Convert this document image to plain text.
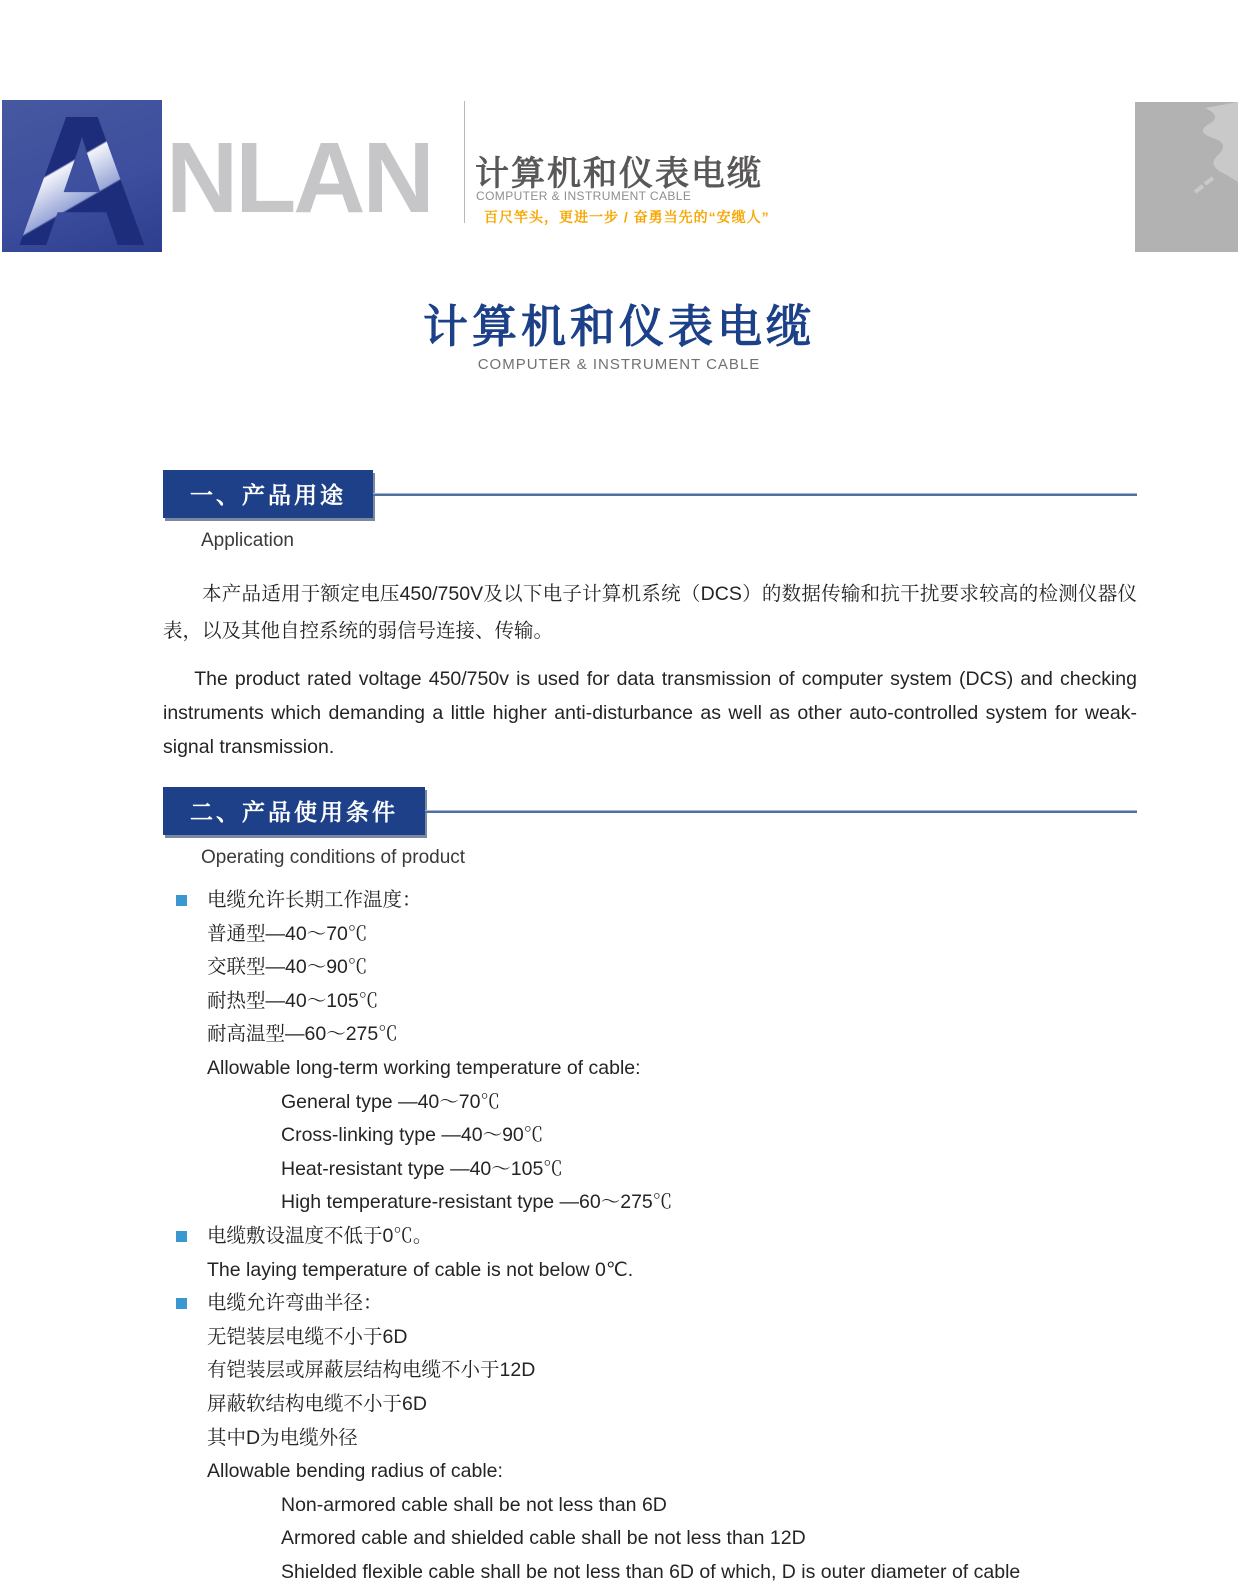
A NLAN 计算机和仪表电缆
COMPUTER & INSTRUMENT CABLE
百尺竿头，更进一步 / 奋勇当先的“安缆人”
计算机和仪表电缆
COMPUTER & INSTRUMENT CABLE
一、产品用途
Application

本产品适用于额定电压450/750V及以下电子计算机系统（DCS）的数据传输和抗干扰要求较高的检测仪器仪表，以及其他自控系统的弱信号连接、传输。

The product rated voltage 450/750v is used for data transmission of computer system (DCS) and checking instruments which demanding a little higher anti-disturbance as well as other auto-controlled system for weak-signal transmission.

二、产品使用条件
Operating conditions of product
电缆允许长期工作温度：
普通型—40～70℃
交联型—40～90℃
耐热型—40～105℃
耐高温型—60～275℃
Allowable long-term working temperature of cable:
General type —40～70℃
Cross-linking type —40～90℃
Heat-resistant type —40～105℃
High temperature-resistant type —60～275℃
电缆敷设温度不低于0℃。
The laying temperature of cable is not below 0℃.
电缆允许弯曲半径：
无铠装层电缆不小于6D
有铠装层或屏蔽层结构电缆不小于12D
屏蔽软结构电缆不小于6D
其中D为电缆外径
Allowable bending radius of cable:
Non-armored cable shall be not less than 6D
Armored cable and shielded cable shall be not less than 12D
Shielded flexible cable shall be not less than 6D of which, D is outer diameter of cable
